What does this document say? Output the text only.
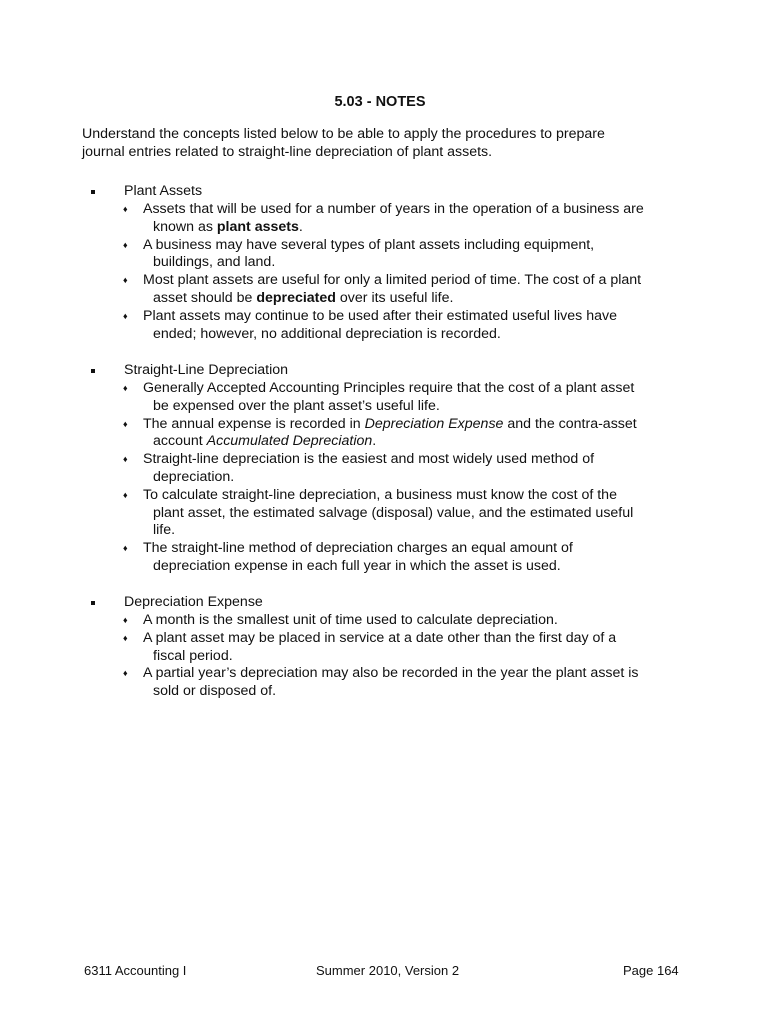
5.03 - NOTES
Understand the concepts listed below to be able to apply the procedures to prepare
journal entries related to straight-line depreciation of plant assets.
Plant Assets
♦ Assets that will be used for a number of years in the operation of a business are
known as plant assets.
♦ A business may have several types of plant assets including equipment,
buildings, and land.
♦ Most plant assets are useful for only a limited period of time. The cost of a plant
asset should be depreciated over its useful life.
♦ Plant assets may continue to be used after their estimated useful lives have
ended; however, no additional depreciation is recorded.
Straight-Line Depreciation
♦ Generally Accepted Accounting Principles require that the cost of a plant asset
be expensed over the plant asset’s useful life.
♦ The annual expense is recorded in Depreciation Expense and the contra-asset
account Accumulated Depreciation.
♦ Straight-line depreciation is the easiest and most widely used method of
depreciation.
♦ To calculate straight-line depreciation, a business must know the cost of the
plant asset, the estimated salvage (disposal) value, and the estimated useful
life.
♦ The straight-line method of depreciation charges an equal amount of
depreciation expense in each full year in which the asset is used.
Depreciation Expense
♦ A month is the smallest unit of time used to calculate depreciation.
♦ A plant asset may be placed in service at a date other than the first day of a
fiscal period.
♦ A partial year’s depreciation may also be recorded in the year the plant asset is
sold or disposed of.
6311 Accounting I	Summer 2010, Version 2	Page 164
